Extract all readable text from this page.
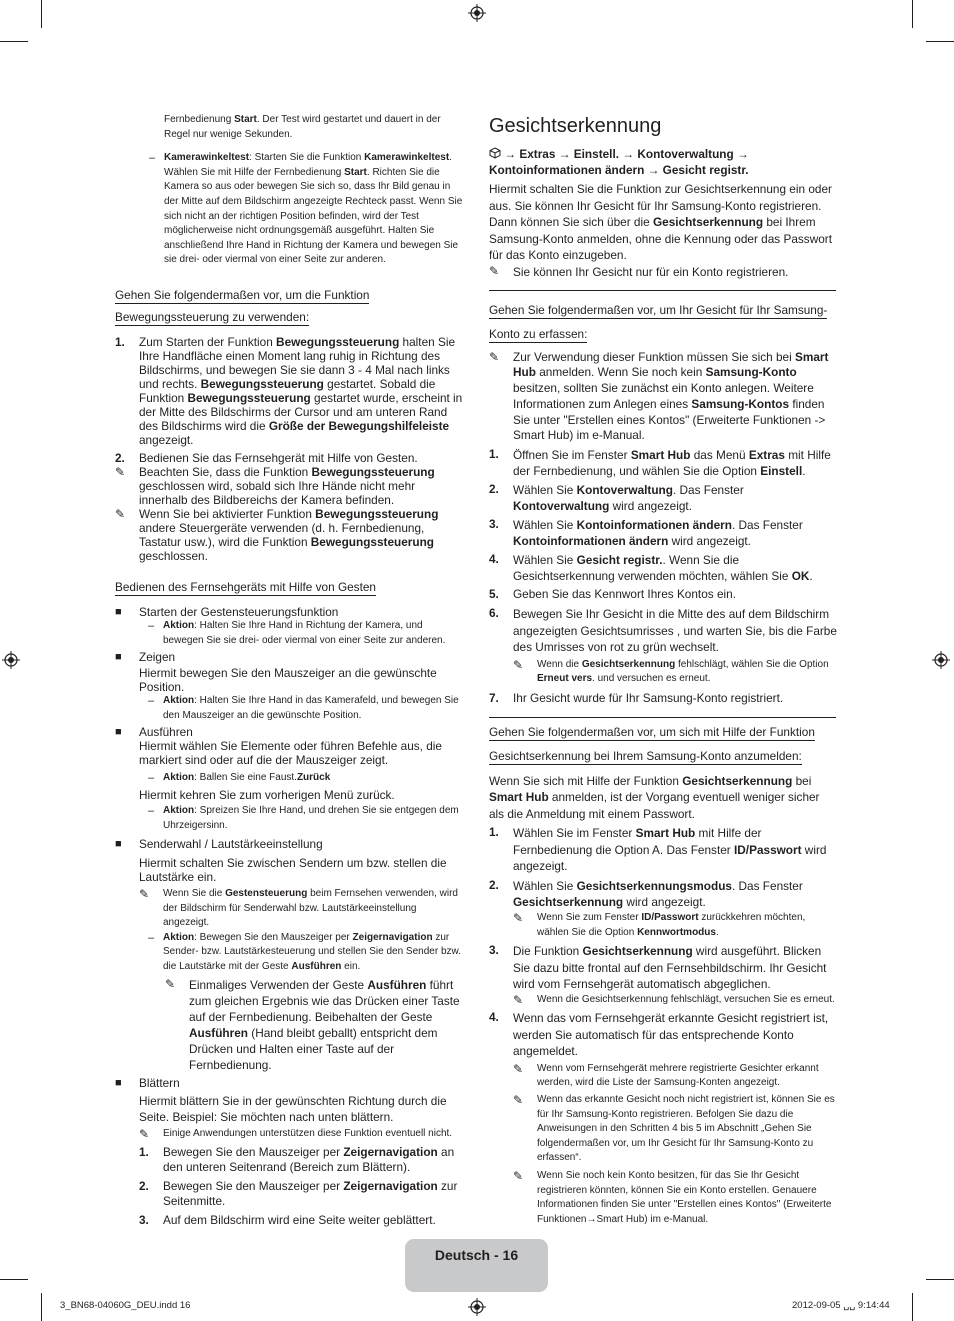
Fernbedienung Start. Der Test wird gestartet und dauert in der Regel nur wenige Sekunden.
– Kamerawinkeltest: Starten Sie die Funktion Kamerawinkeltest. Wählen Sie mit Hilfe der Fernbedienung Start. Richten Sie die Kamera so aus oder bewegen Sie sich so, dass Ihr Bild genau in der Mitte auf dem Bildschirm angezeigte Rechteck passt. Wenn Sie sich nicht an der richtigen Position befinden, wird der Test möglicherweise nicht ordnungsgemäß ausgeführt. Halten Sie anschließend Ihre Hand in Richtung der Kamera und bewegen Sie sie drei- oder viermal von einer Seite zur anderen.

Gehen Sie folgendermaßen vor, um die Funktion

Bewegungssteuerung zu verwenden:

1.	Zum Starten der Funktion Bewegungssteuerung halten Sie Ihre Handfläche einen Moment lang ruhig in Richtung des Bildschirms, und bewegen Sie sie dann 3 - 4 Mal nach links und rechts. Bewegungssteuerung gestartet. Sobald die Funktion Bewegungssteuerung gestartet wurde, erscheint in der Mitte des Bildschirms der Cursor und am unteren Rand des Bildschirms wird die Größe der Bewegungshilfeleiste angezeigt.
2.	Bedienen Sie das Fernsehgerät mit Hilfe von Gesten.
✎	Beachten Sie, dass die Funktion Bewegungssteuerung geschlossen wird, sobald sich Ihre Hände nicht mehr innerhalb des Bildbereichs der Kamera befinden.
✎	Wenn Sie bei aktivierter Funktion Bewegungssteuerung andere Steuergeräte verwenden (d. h. Fernbedienung, Tastatur usw.), wird die Funktion Bewegungssteuerung geschlossen.

Bedienen des Fernsehgeräts mit Hilfe von Gesten

■	Starten der Gestensteuerungsfunktion
– Aktion: Halten Sie Ihre Hand in Richtung der Kamera, und bewegen Sie sie drei- oder viermal von einer Seite zur anderen.
■	Zeigen
Hiermit bewegen Sie den Mauszeiger an die gewünschte Position.
– Aktion: Halten Sie Ihre Hand in das Kamerafeld, und bewegen Sie den Mauszeiger an die gewünschte Position.
■	Ausführen
Hiermit wählen Sie Elemente oder führen Befehle aus, die markiert sind oder auf die der Mauszeiger zeigt.
– Aktion: Ballen Sie eine Faust.Zurück
Hiermit kehren Sie zum vorherigen Menü zurück.
– Aktion: Spreizen Sie Ihre Hand, und drehen Sie sie entgegen dem Uhrzeigersinn.
■	Senderwahl / Lautstärkeeinstellung
Hiermit schalten Sie zwischen Sendern um bzw. stellen die Lautstärke ein.
✎	Wenn Sie die Gestensteuerung beim Fernsehen verwenden, wird der Bildschirm für Senderwahl bzw. Lautstärkeeinstellung angezeigt.
– Aktion: Bewegen Sie den Mauszeiger per Zeigernavigation zur Sender- bzw. Lautstärkesteuerung und stellen Sie den Sender bzw. die Lautstärke mit der Geste Ausführen ein.
✎	Einmaliges Verwenden der Geste Ausführen führt zum gleichen Ergebnis wie das Drücken einer Taste auf der Fernbedienung. Beibehalten der Geste Ausführen (Hand bleibt geballt) entspricht dem Drücken und Halten einer Taste auf der Fernbedienung.
■	Blättern
Hiermit blättern Sie in der gewünschten Richtung durch die Seite. Beispiel: Sie möchten nach unten blättern.
✎	Einige Anwendungen unterstützen diese Funktion eventuell nicht.
1.	Bewegen Sie den Mauszeiger per Zeigernavigation an den unteren Seitenrand (Bereich zum Blättern).
2.	Bewegen Sie den Mauszeiger per Zeigernavigation zur Seitenmitte.
3.	Auf dem Bildschirm wird eine Seite weiter geblättert.
Gesichtserkennung
→ Extras → Einstell. → Kontoverwaltung → Kontoinformationen ändern → Gesicht registr.
Hiermit schalten Sie die Funktion zur Gesichtserkennung ein oder aus. Sie können Ihr Gesicht für Ihr Samsung-Konto registrieren. Dann können Sie sich über die Gesichtserkennung bei Ihrem Samsung-Konto anmelden, ohne die Kennung oder das Passwort für das Konto einzugeben.
✎	Sie können Ihr Gesicht nur für ein Konto registrieren.

Gehen Sie folgendermaßen vor, um Ihr Gesicht für Ihr Samsung-

Konto zu erfassen:

✎	Zur Verwendung dieser Funktion müssen Sie sich bei Smart Hub anmelden. Wenn Sie noch kein Samsung-Konto besitzen, sollten Sie zunächst ein Konto anlegen. Weitere Informationen zum Anlegen eines Samsung-Kontos finden Sie unter "Erstellen eines Kontos" (Erweiterte Funktionen -> Smart Hub) im e-Manual.
1.	Öffnen Sie im Fenster Smart Hub das Menü Extras mit Hilfe der Fernbedienung, und wählen Sie die Option Einstell.
2.	Wählen Sie Kontoverwaltung. Das Fenster Kontoverwaltung wird angezeigt.
3.	Wählen Sie Kontoinformationen ändern. Das Fenster Kontoinformationen ändern wird angezeigt.
4.	Wählen Sie Gesicht registr.. Wenn Sie die Gesichtserkennung verwenden möchten, wählen Sie OK.
5.	Geben Sie das Kennwort Ihres Kontos ein.
6.	Bewegen Sie Ihr Gesicht in die Mitte des auf dem Bildschirm angezeigten Gesichtsumrisses , und warten Sie, bis die Farbe des Umrisses von rot zu grün wechselt.
✎	Wenn die Gesichtserkennung fehlschlägt, wählen Sie die Option Erneut vers. und versuchen es erneut.
7.	Ihr Gesicht wurde für Ihr Samsung-Konto registriert.

Gehen Sie folgendermaßen vor, um sich mit Hilfe der Funktion

Gesichtserkennung bei Ihrem Samsung-Konto anzumelden:

Wenn Sie sich mit Hilfe der Funktion Gesichtserkennung bei Smart Hub anmelden, ist der Vorgang eventuell weniger sicher als die Anmeldung mit einem Passwort.
1.	Wählen Sie im Fenster Smart Hub mit Hilfe der Fernbedienung die Option A. Das Fenster ID/Passwort wird angezeigt.
2.	Wählen Sie Gesichtserkennungsmodus. Das Fenster Gesichtserkennung wird angezeigt.
✎	Wenn Sie zum Fenster ID/Passwort zurückkehren möchten, wählen Sie die Option Kennwortmodus.
3.	Die Funktion Gesichtserkennung wird ausgeführt. Blicken Sie dazu bitte frontal auf den Fernsehbildschirm. Ihr Gesicht wird vom Fernsehgerät automatisch abgeglichen.
✎	Wenn die Gesichtserkennung fehlschlägt, versuchen Sie es erneut.
4.	Wenn das vom Fernsehgerät erkannte Gesicht registriert ist, werden Sie automatisch für das entsprechende Konto angemeldet.
✎	Wenn vom Fernsehgerät mehrere registrierte Gesichter erkannt werden, wird die Liste der Samsung-Konten angezeigt.
✎	Wenn das erkannte Gesicht noch nicht registriert ist, können Sie es für Ihr Samsung-Konto registrieren. Befolgen Sie dazu die Anweisungen in den Schritten 4 bis 5 im Abschnitt „Gehen Sie folgendermaßen vor, um Ihr Gesicht für Ihr Samsung-Konto zu erfassen“.
✎	Wenn Sie noch kein Konto besitzen, für das Sie Ihr Gesicht registrieren könnten, können Sie ein Konto erstellen. Genauere Informationen finden Sie unter "Erstellen eines Kontos" (Erweiterte Funktionen→Smart Hub) im e-Manual.
Deutsch - 16
3_BN68-04060G_DEU.indd 16	2012-09-05 ␣␣ 9:14:44
